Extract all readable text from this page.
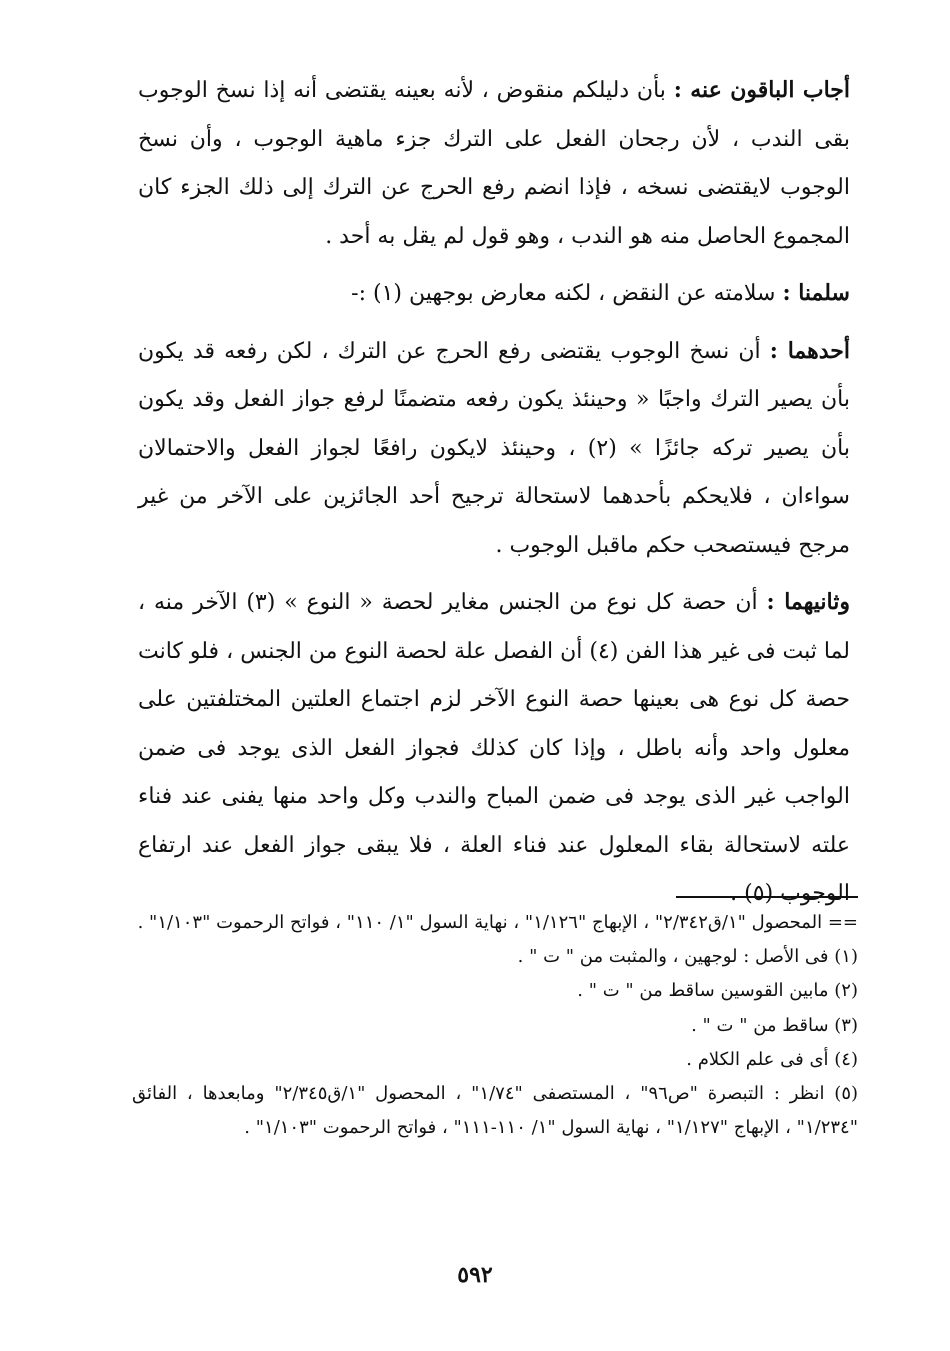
أجاب الباقون عنه : بأن دليلكم منقوض ، لأنه بعينه يقتضى أنه إذا نسخ الوجوب بقى الندب ، لأن رجحان الفعل على الترك جزء ماهية الوجوب ، وأن نسخ الوجوب لايقتضى نسخه ، فإذا انضم رفع الحرج عن الترك إلى ذلك الجزء كان المجموع الحاصل منه هو الندب ، وهو قول لم يقل به أحد .

سلمنا : سلامته عن النقض ، لكنه معارض بوجهين (١) :-

أحدهما : أن نسخ الوجوب يقتضى رفع الحرج عن الترك ، لكن رفعه قد يكون بأن يصير الترك واجبًا « وحينئذ يكون رفعه متضمنًا لرفع جواز الفعل وقد يكون بأن يصير تركه جائزًا » (٢) ، وحينئذ لايكون رافعًا لجواز الفعل والاحتمالان سواءان ، فلايحكم بأحدهما لاستحالة ترجيح أحد الجائزين على الآخر من غير مرجح فيستصحب حكم ماقبل الوجوب .

وثانيهما : أن حصة كل نوع من الجنس مغاير لحصة « النوع » (٣) الآخر منه ، لما ثبت فى غير هذا الفن (٤) أن الفصل علة لحصة النوع من الجنس ، فلو كانت حصة كل نوع هى بعينها حصة النوع الآخر لزم اجتماع العلتين المختلفتين على معلول واحد وأنه باطل ، وإذا كان كذلك فجواز الفعل الذى يوجد فى ضمن الواجب غير الذى يوجد فى ضمن المباح والندب وكل واحد منها يفنى عند فناء علته لاستحالة بقاء المعلول عند فناء العلة ، فلا يبقى جواز الفعل عند ارتفاع الوجوب (٥) .

== المحصول "١/ق٢/٣٤٢" ، الإبهاج "١/١٢٦" ، نهاية السول "١/ ١١٠" ، فواتح الرحموت "١/١٠٣" .

(١) فى الأصل : لوجهين ، والمثبت من " ت " .

(٢) مابين القوسين ساقط من " ت " .

(٣) ساقط من " ت " .

(٤) أى فى علم الكلام .

(٥) انظر : التبصرة "ص٩٦" ، المستصفى "١/٧٤" ، المحصول "١/ق٢/٣٤٥" ومابعدها ، الفائق "١/٢٣٤" ، الإبهاج "١/١٢٧" ، نهاية السول "١/ ١١٠-١١١" ، فواتح الرحموت "١/١٠٣" .

٥٩٢
